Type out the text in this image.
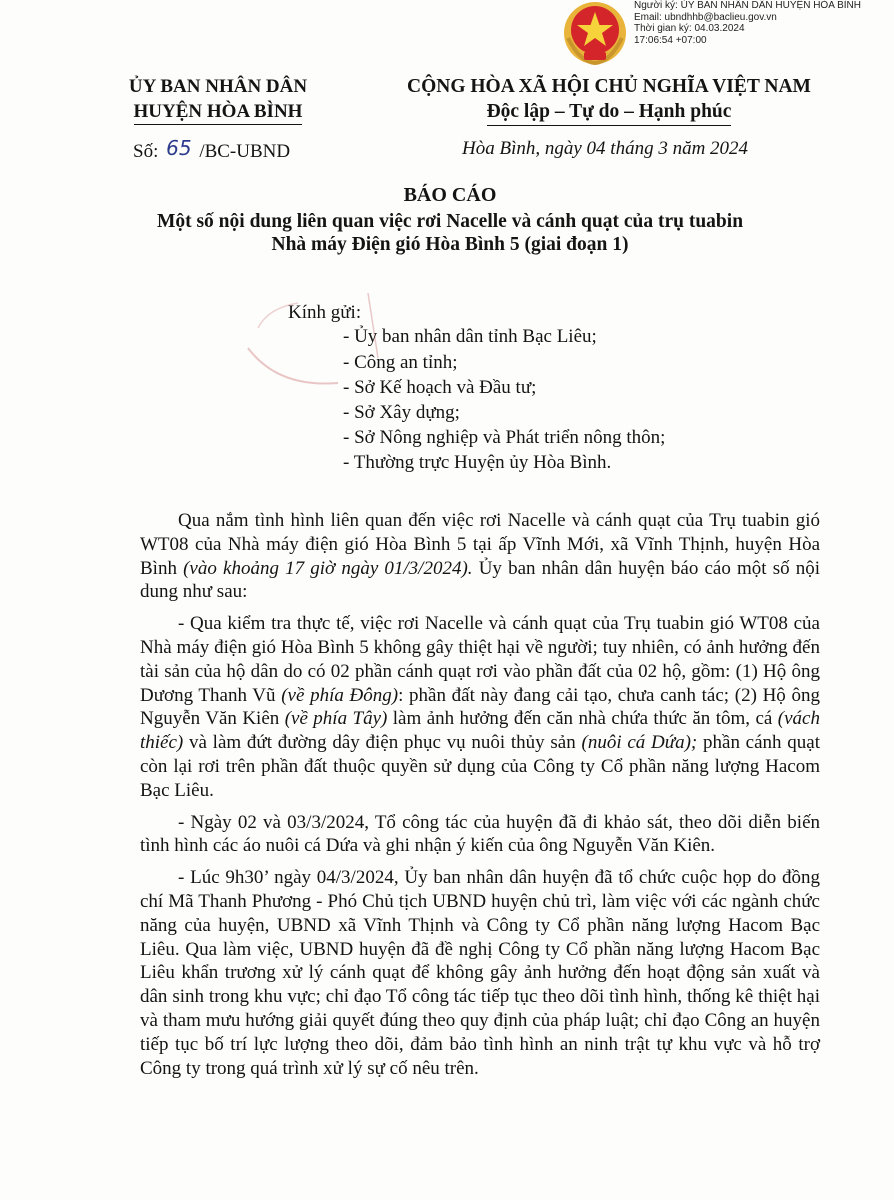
Người ký: ỦY BAN NHÂN DÂN HUYỆN HÒA BÌNH
Email: ubndhhb@baclieu.gov.vn
Thời gian ký: 04.03.2024
17:06:54 +07:00
ỦY BAN NHÂN DÂN
HUYỆN HÒA BÌNH
CỘNG HÒA XÃ HỘI CHỦ NGHĨA VIỆT NAM
Độc lập – Tự do – Hạnh phúc
Số: 65 /BC-UBND	Hòa Bình, ngày 04 tháng 3 năm 2024
BÁO CÁO
Một số nội dung liên quan việc rơi Nacelle và cánh quạt của trụ tuabin
Nhà máy Điện gió Hòa Bình 5 (giai đoạn 1)
Kính gửi:
- Ủy ban nhân dân tỉnh Bạc Liêu;
- Công an tỉnh;
- Sở Kế hoạch và Đầu tư;
- Sở Xây dựng;
- Sở Nông nghiệp và Phát triển nông thôn;
- Thường trực Huyện ủy Hòa Bình.

Qua nắm tình hình liên quan đến việc rơi Nacelle và cánh quạt của Trụ tuabin gió WT08 của Nhà máy điện gió Hòa Bình 5 tại ấp Vĩnh Mới, xã Vĩnh Thịnh, huyện Hòa Bình (vào khoảng 17 giờ ngày 01/3/2024). Ủy ban nhân dân huyện báo cáo một số nội dung như sau:

- Qua kiểm tra thực tế, việc rơi Nacelle và cánh quạt của Trụ tuabin gió WT08 của Nhà máy điện gió Hòa Bình 5 không gây thiệt hại về người; tuy nhiên, có ảnh hưởng đến tài sản của hộ dân do có 02 phần cánh quạt rơi vào phần đất của 02 hộ, gồm: (1) Hộ ông Dương Thanh Vũ (về phía Đông): phần đất này đang cải tạo, chưa canh tác; (2) Hộ ông Nguyễn Văn Kiên (về phía Tây) làm ảnh hưởng đến căn nhà chứa thức ăn tôm, cá (vách thiếc) và làm đứt đường dây điện phục vụ nuôi thủy sản (nuôi cá Dứa); phần cánh quạt còn lại rơi trên phần đất thuộc quyền sử dụng của Công ty Cổ phần năng lượng Hacom Bạc Liêu.

- Ngày 02 và 03/3/2024, Tổ công tác của huyện đã đi khảo sát, theo dõi diễn biến tình hình các áo nuôi cá Dứa và ghi nhận ý kiến của ông Nguyễn Văn Kiên.

- Lúc 9h30’ ngày 04/3/2024, Ủy ban nhân dân huyện đã tổ chức cuộc họp do đồng chí Mã Thanh Phương - Phó Chủ tịch UBND huyện chủ trì, làm việc với các ngành chức năng của huyện, UBND xã Vĩnh Thịnh và Công ty Cổ phần năng lượng Hacom Bạc Liêu. Qua làm việc, UBND huyện đã đề nghị Công ty Cổ phần năng lượng Hacom Bạc Liêu khẩn trương xử lý cánh quạt để không gây ảnh hưởng đến hoạt động sản xuất và dân sinh trong khu vực; chỉ đạo Tổ công tác tiếp tục theo dõi tình hình, thống kê thiệt hại và tham mưu hướng giải quyết đúng theo quy định của pháp luật; chỉ đạo Công an huyện tiếp tục bố trí lực lượng theo dõi, đảm bảo tình hình an ninh trật tự khu vực và hỗ trợ Công ty trong quá trình xử lý sự cố nêu trên.
